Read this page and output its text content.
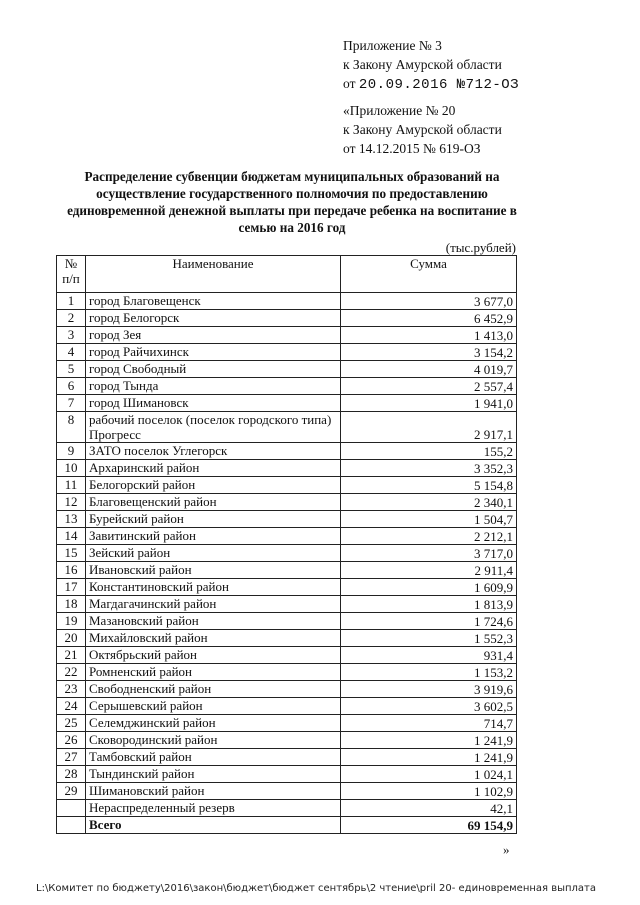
Приложение № 3
к Закону Амурской области
от 20.09.2016 №712-ОЗ
«Приложение № 20
к Закону Амурской области
от 14.12.2015 № 619-ОЗ
Распределение субвенции бюджетам муниципальных образований на осуществление государственного полномочия по предоставлению единовременной денежной выплаты при передаче ребенка на воспитание в семью на 2016 год
(тыс.рублей)
№
п/п	Наименование	Сумма
1	город Благовещенск	3 677,0
2	город Белогорск	6 452,9
3	город Зея	1 413,0
4	город Райчихинск	3 154,2
5	город Свободный	4 019,7
6	город Тында	2 557,4
7	город Шимановск	1 941,0
8	рабочий поселок (поселок городского типа) Прогресс	2 917,1
9	ЗАТО поселок Углегорск	155,2
10	Архаринский район	3 352,3
11	Белогорский район	5 154,8
12	Благовещенский район	2 340,1
13	Бурейский район	1 504,7
14	Завитинский район	2 212,1
15	Зейский район	3 717,0
16	Ивановский район	2 911,4
17	Константиновский район	1 609,9
18	Магдагачинский район	1 813,9
19	Мазановский район	1 724,6
20	Михайловский район	1 552,3
21	Октябрьский район	931,4
22	Ромненский район	1 153,2
23	Свободненский район	3 919,6
24	Серышевский район	3 602,5
25	Селемджинский район	714,7
26	Сковородинский район	1 241,9
27	Тамбовский район	1 241,9
28	Тындинский район	1 024,1
29	Шимановский район	1 102,9
	Нераспределенный резерв	42,1
	Всего	69 154,9
»
L:\Комитет по бюджету\2016\закон\бюджет\бюджет сентябрь\2 чтение\pril 20- единовременная выплата
